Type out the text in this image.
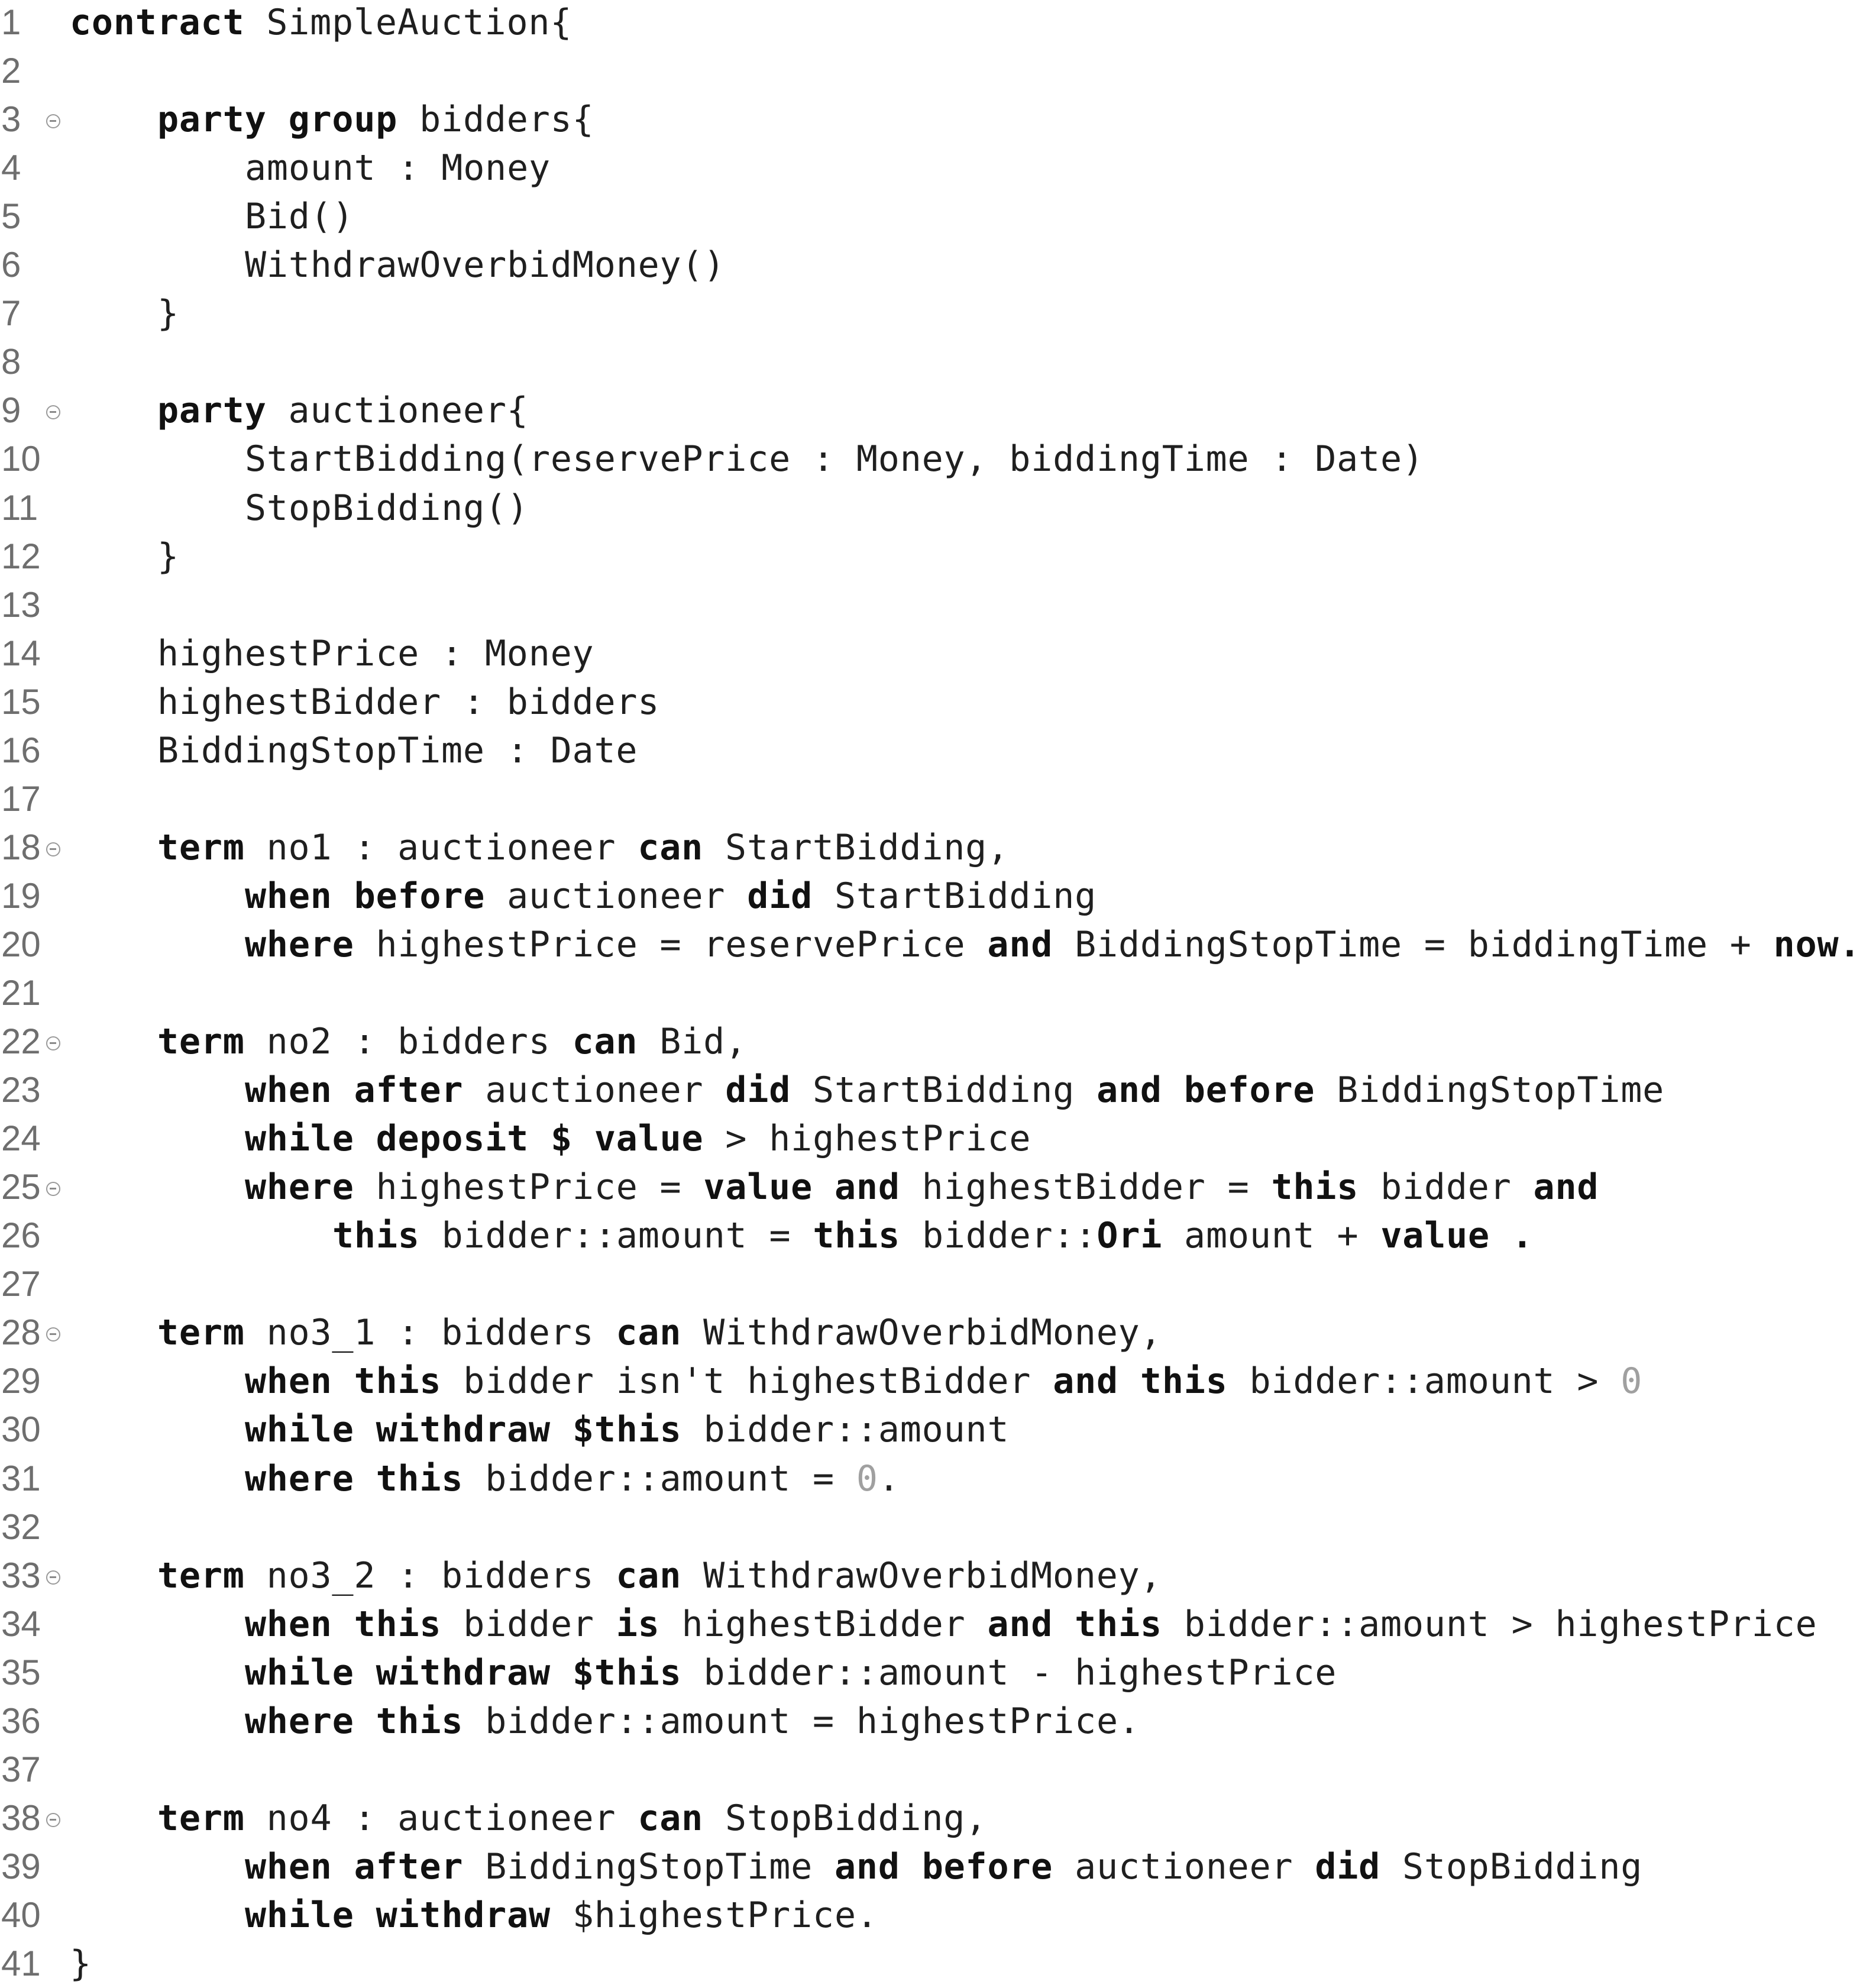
1 contract SimpleAuction{
2
3	party group bidders{
4	amount : Money
5	Bid()
6	WithdrawOverbidMoney()
7	}
8
9	party auctioneer{
10	StartBidding(reservePrice : Money, biddingTime : Date)
11	StopBidding()
12	}
13
14	highestPrice : Money
15	highestBidder : bidders
16	BiddingStopTime : Date
17
18	term no1 : auctioneer can StartBidding,
19	when before auctioneer did StartBidding
20	where highestPrice = reservePrice and BiddingStopTime = biddingTime + now.
21
22	term no2 : bidders can Bid,
23	when after auctioneer did StartBidding and before BiddingStopTime
24	while deposit $ value > highestPrice
25	where highestPrice = value and highestBidder = this bidder and
26	this bidder::amount = this bidder::Ori amount + value .
27
28	term no3_1 : bidders can WithdrawOverbidMoney,
29	when this bidder isn't highestBidder and this bidder::amount > 0
30	while withdraw $this bidder::amount
31	where this bidder::amount = 0.
32
33	term no3_2 : bidders can WithdrawOverbidMoney,
34	when this bidder is highestBidder and this bidder::amount > highestPrice
35	while withdraw $this bidder::amount - highestPrice
36	where this bidder::amount = highestPrice.
37
38	term no4 : auctioneer can StopBidding,
39	when after BiddingStopTime and before auctioneer did StopBidding
40	while withdraw $highestPrice.
41 }
